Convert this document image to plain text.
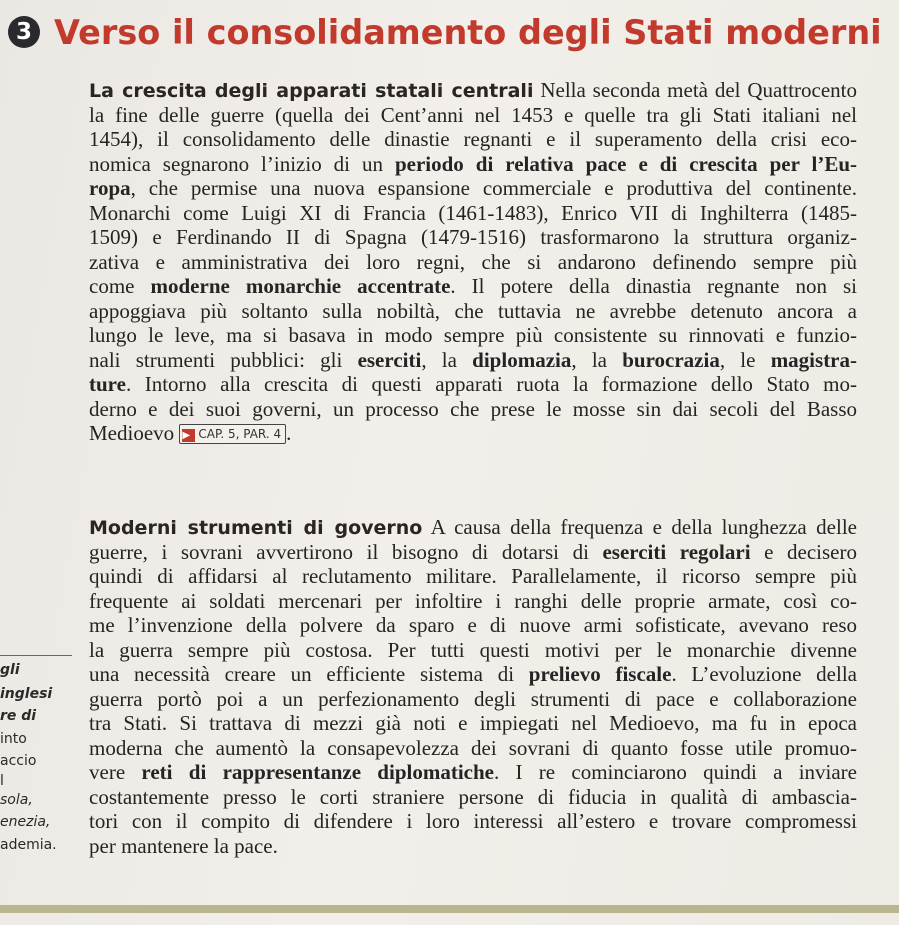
3 Verso il consolidamento degli Stati moderni
La crescita degli apparati statali centrali Nella seconda metà del Quattrocento
la fine delle guerre (quella dei Cent’anni nel 1453 e quelle tra gli Stati italiani nel
1454), il consolidamento delle dinastie regnanti e il superamento della crisi eco-
nomica segnarono l’inizio di un periodo di relativa pace e di crescita per l’Eu-
ropa, che permise una nuova espansione commerciale e produttiva del continente.
Monarchi come Luigi XI di Francia (1461-1483), Enrico VII di Inghilterra (1485-
1509) e Ferdinando II di Spagna (1479-1516) trasformarono la struttura organiz-
zativa e amministrativa dei loro regni, che si andarono definendo sempre più
come moderne monarchie accentrate. Il potere della dinastia regnante non si
appoggiava più soltanto sulla nobiltà, che tuttavia ne avrebbe detenuto ancora a
lungo le leve, ma si basava in modo sempre più consistente su rinnovati e funzio-
nali strumenti pubblici: gli eserciti, la diplomazia, la burocrazia, le magistra-
ture. Intorno alla crescita di questi apparati ruota la formazione dello Stato mo-
derno e dei suoi governi, un processo che prese le mosse sin dai secoli del Basso
Medioevo ▶ CAP. 5, PAR. 4 .
Moderni strumenti di governo A causa della frequenza e della lunghezza delle
guerre, i sovrani avvertirono il bisogno di dotarsi di eserciti regolari e decisero
quindi di affidarsi al reclutamento militare. Parallelamente, il ricorso sempre più
frequente ai soldati mercenari per infoltire i ranghi delle proprie armate, così co-
me l’invenzione della polvere da sparo e di nuove armi sofisticate, avevano reso
la guerra sempre più costosa. Per tutti questi motivi per le monarchie divenne
una necessità creare un efficiente sistema di prelievo fiscale. L’evoluzione della
guerra portò poi a un perfezionamento degli strumenti di pace e collaborazione
tra Stati. Si trattava di mezzi già noti e impiegati nel Medioevo, ma fu in epoca
moderna che aumentò la consapevolezza dei sovrani di quanto fosse utile promuo-
vere reti di rappresentanze diplomatiche. I re cominciarono quindi a inviare
costantemente presso le corti straniere persone di fiducia in qualità di ambascia-
tori con il compito di difendere i loro interessi all’estero e trovare compromessi
per mantenere la pace.
gli
inglesi
re di
into
accio
l
sola,
enezia,
ademia.
